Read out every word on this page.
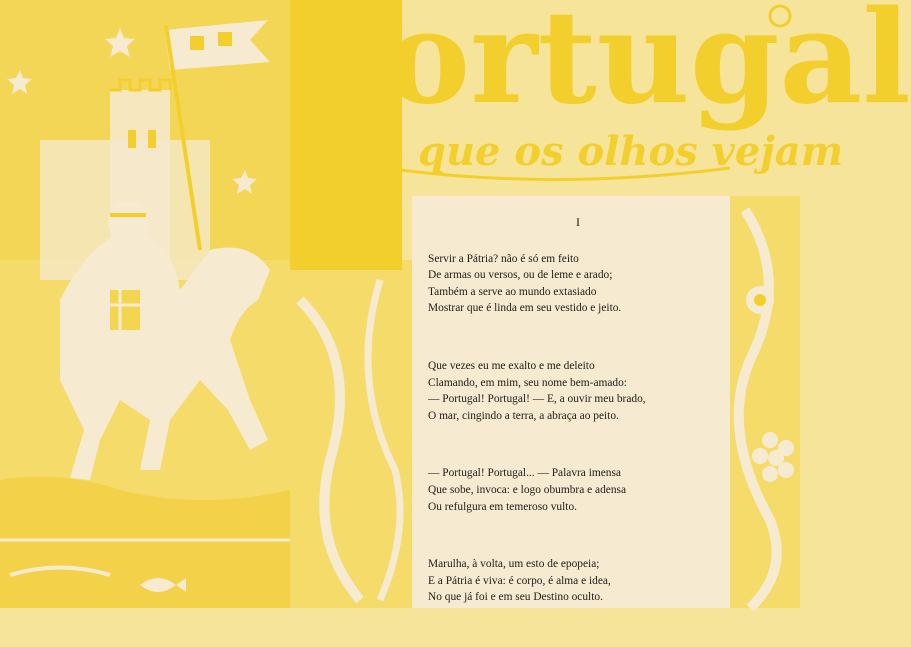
Portugal
que os olhos vejam

I

Servir a Pátria? não é só em feito

De armas ou versos, ou de leme e arado;

Também a serve ao mundo extasiado

Mostrar que é linda em seu vestido e jeito.

Que vezes eu me exalto e me deleito

Clamando, em mim, seu nome bem-amado:

— Portugal! Portugal! — E, a ouvir meu brado,

O mar, cingindo a terra, a abraça ao peito.

— Portugal! Portugal... — Palavra imensa

Que sobe, invoca: e logo obumbra e adensa

Ou refulgura em temeroso vulto.

Marulha, à volta, um esto de epopeia;

E a Pátria é viva: é corpo, é alma e idea,

No que já foi e em seu Destino oculto.
